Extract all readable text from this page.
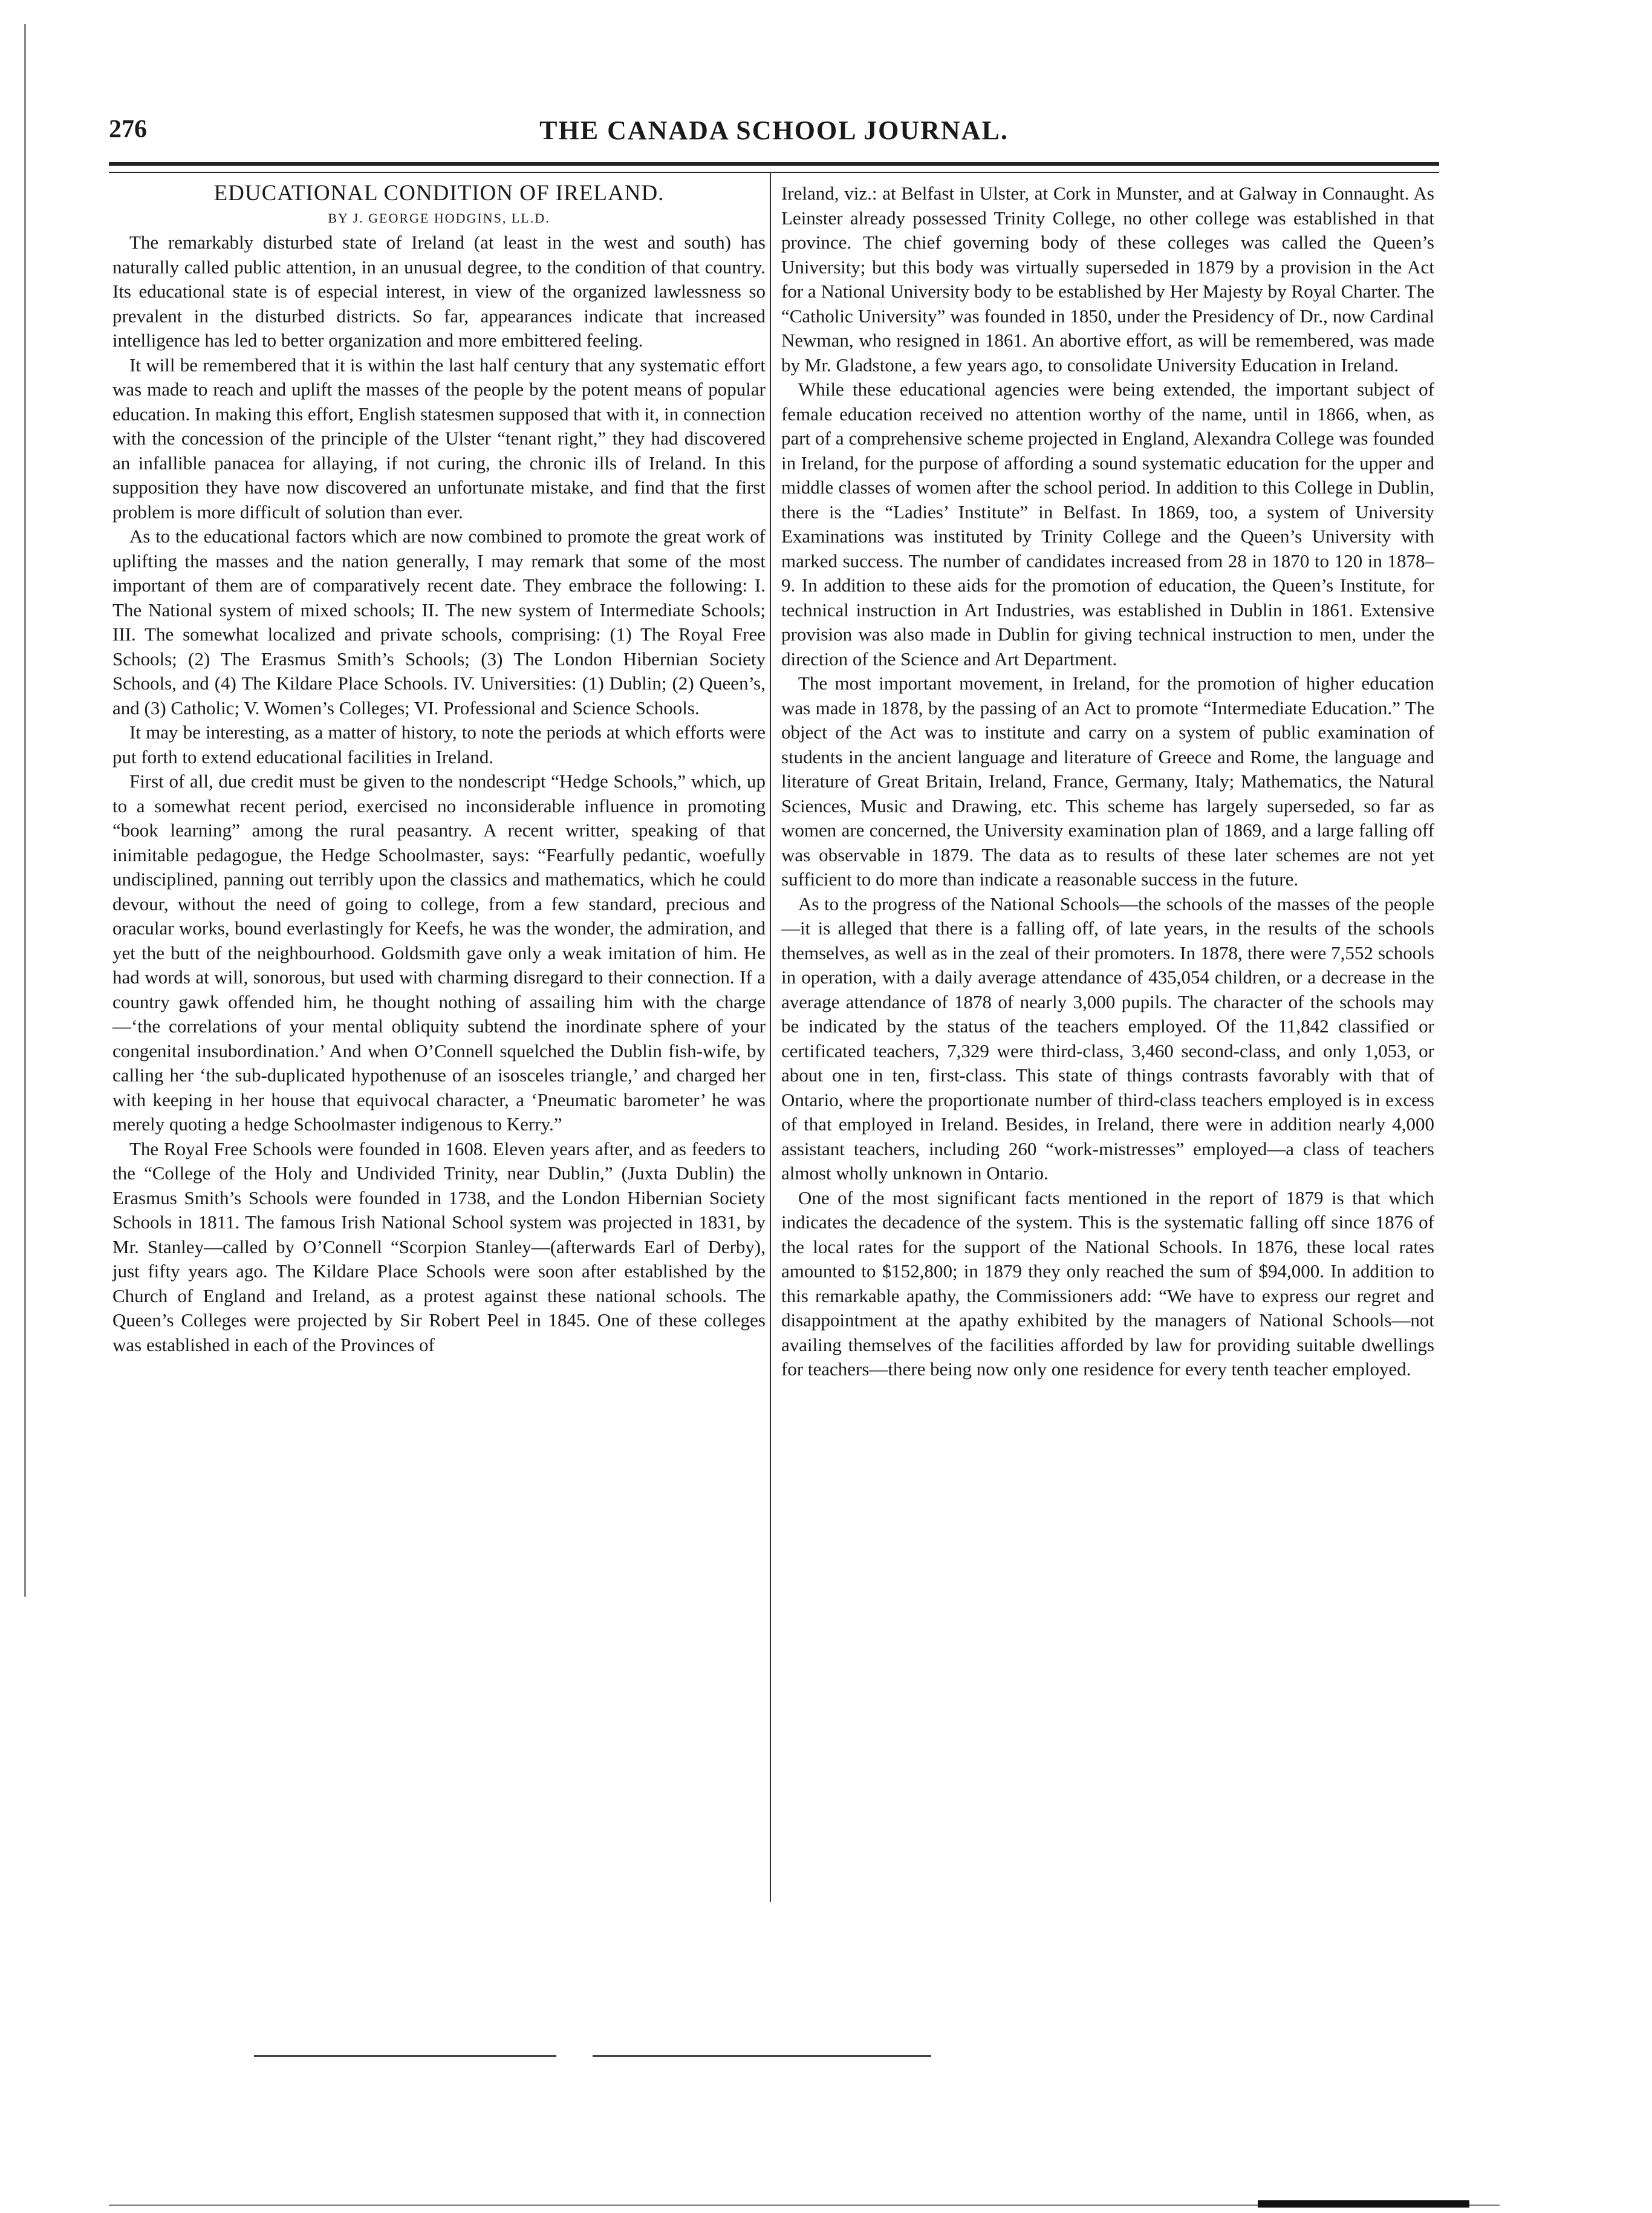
276	THE CANADA SCHOOL JOURNAL.

EDUCATIONAL CONDITION OF IRELAND.

BY J. GEORGE HODGINS, LL.D.

The remarkably disturbed state of Ireland (at least in the west and south) has naturally called public attention, in an unusual degree, to the condition of that country. Its educational state is of especial interest, in view of the organized lawlessness so prevalent in the disturbed districts. So far, appearances indicate that increased intelligence has led to better organization and more embittered feeling.

It will be remembered that it is within the last half century that any systematic effort was made to reach and uplift the masses of the people by the potent means of popular education. In making this effort, English statesmen supposed that with it, in connection with the concession of the principle of the Ulster “tenant right,” they had discovered an infallible panacea for allaying, if not curing, the chronic ills of Ireland. In this supposition they have now discovered an unfortunate mistake, and find that the first problem is more difficult of solution than ever.

As to the educational factors which are now combined to promote the great work of uplifting the masses and the nation generally, I may remark that some of the most important of them are of comparatively recent date. They embrace the following: I. The National system of mixed schools; II. The new system of Intermediate Schools; III. The somewhat localized and private schools, comprising: (1) The Royal Free Schools; (2) The Erasmus Smith’s Schools; (3) The London Hibernian Society Schools, and (4) The Kildare Place Schools. IV. Universities: (1) Dublin; (2) Queen’s, and (3) Catholic; V. Women’s Colleges; VI. Professional and Science Schools.

It may be interesting, as a matter of history, to note the periods at which efforts were put forth to extend educational facilities in Ireland.

First of all, due credit must be given to the nondescript “Hedge Schools,” which, up to a somewhat recent period, exercised no inconsiderable influence in promoting “book learning” among the rural peasantry. A recent writter, speaking of that inimitable pedagogue, the Hedge Schoolmaster, says: “Fearfully pedantic, woefully undisciplined, panning out terribly upon the classics and mathematics, which he could devour, without the need of going to college, from a few standard, precious and oracular works, bound everlastingly for Keefs, he was the wonder, the admiration, and yet the butt of the neighbourhood. Goldsmith gave only a weak imitation of him. He had words at will, sonorous, but used with charming disregard to their connection. If a country gawk offended him, he thought nothing of assailing him with the charge —‘the correlations of your mental obliquity subtend the inordinate sphere of your congenital insubordination.’ And when O’Connell squelched the Dublin fish-wife, by calling her ‘the sub-duplicated hypothenuse of an isosceles triangle,’ and charged her with keeping in her house that equivocal character, a ‘Pneumatic barometer’ he was merely quoting a hedge Schoolmaster indigenous to Kerry.”

The Royal Free Schools were founded in 1608. Eleven years after, and as feeders to the “College of the Holy and Undivided Trinity, near Dublin,” (Juxta Dublin) the Erasmus Smith’s Schools were founded in 1738, and the London Hibernian Society Schools in 1811. The famous Irish National School system was projected in 1831, by Mr. Stanley—called by O’Connell “Scorpion Stanley—(afterwards Earl of Derby), just fifty years ago. The Kildare Place Schools were soon after established by the Church of England and Ireland, as a protest against these national schools. The Queen’s Colleges were projected by Sir Robert Peel in 1845. One of these colleges was established in each of the Provinces of

Ireland, viz.: at Belfast in Ulster, at Cork in Munster, and at Galway in Connaught. As Leinster already possessed Trinity College, no other college was established in that province. The chief governing body of these colleges was called the Queen’s University; but this body was virtually superseded in 1879 by a provision in the Act for a National University body to be established by Her Majesty by Royal Charter. The “Catholic University” was founded in 1850, under the Presidency of Dr., now Cardinal Newman, who resigned in 1861. An abortive effort, as will be remembered, was made by Mr. Gladstone, a few years ago, to consolidate University Education in Ireland.

While these educational agencies were being extended, the important subject of female education received no attention worthy of the name, until in 1866, when, as part of a comprehensive scheme projected in England, Alexandra College was founded in Ireland, for the purpose of affording a sound systematic education for the upper and middle classes of women after the school period. In addition to this College in Dublin, there is the “Ladies’ Institute” in Belfast. In 1869, too, a system of University Examinations was instituted by Trinity College and the Queen’s University with marked success. The number of candidates increased from 28 in 1870 to 120 in 1878–9. In addition to these aids for the promotion of education, the Queen’s Institute, for technical instruction in Art Industries, was established in Dublin in 1861. Extensive provision was also made in Dublin for giving technical instruction to men, under the direction of the Science and Art Department.

The most important movement, in Ireland, for the promotion of higher education was made in 1878, by the passing of an Act to promote “Intermediate Education.” The object of the Act was to institute and carry on a system of public examination of students in the ancient language and literature of Greece and Rome, the language and literature of Great Britain, Ireland, France, Germany, Italy; Mathematics, the Natural Sciences, Music and Drawing, etc. This scheme has largely superseded, so far as women are concerned, the University examination plan of 1869, and a large falling off was observable in 1879. The data as to results of these later schemes are not yet sufficient to do more than indicate a reasonable success in the future.

As to the progress of the National Schools—the schools of the masses of the people—it is alleged that there is a falling off, of late years, in the results of the schools themselves, as well as in the zeal of their promoters. In 1878, there were 7,552 schools in operation, with a daily average attendance of 435,054 children, or a decrease in the average attendance of 1878 of nearly 3,000 pupils. The character of the schools may be indicated by the status of the teachers employed. Of the 11,842 classified or certificated teachers, 7,329 were third-class, 3,460 second-class, and only 1,053, or about one in ten, first-class. This state of things contrasts favorably with that of Ontario, where the proportionate number of third-class teachers employed is in excess of that employed in Ireland. Besides, in Ireland, there were in addition nearly 4,000 assistant teachers, including 260 “work-mistresses” employed—a class of teachers almost wholly unknown in Ontario.

One of the most significant facts mentioned in the report of 1879 is that which indicates the decadence of the system. This is the systematic falling off since 1876 of the local rates for the support of the National Schools. In 1876, these local rates amounted to $152,800; in 1879 they only reached the sum of $94,000. In addition to this remarkable apathy, the Commissioners add: “We have to express our regret and disappointment at the apathy exhibited by the managers of National Schools—not availing themselves of the facilities afforded by law for providing suitable dwellings for teachers—there being now only one residence for every tenth teacher employed.
